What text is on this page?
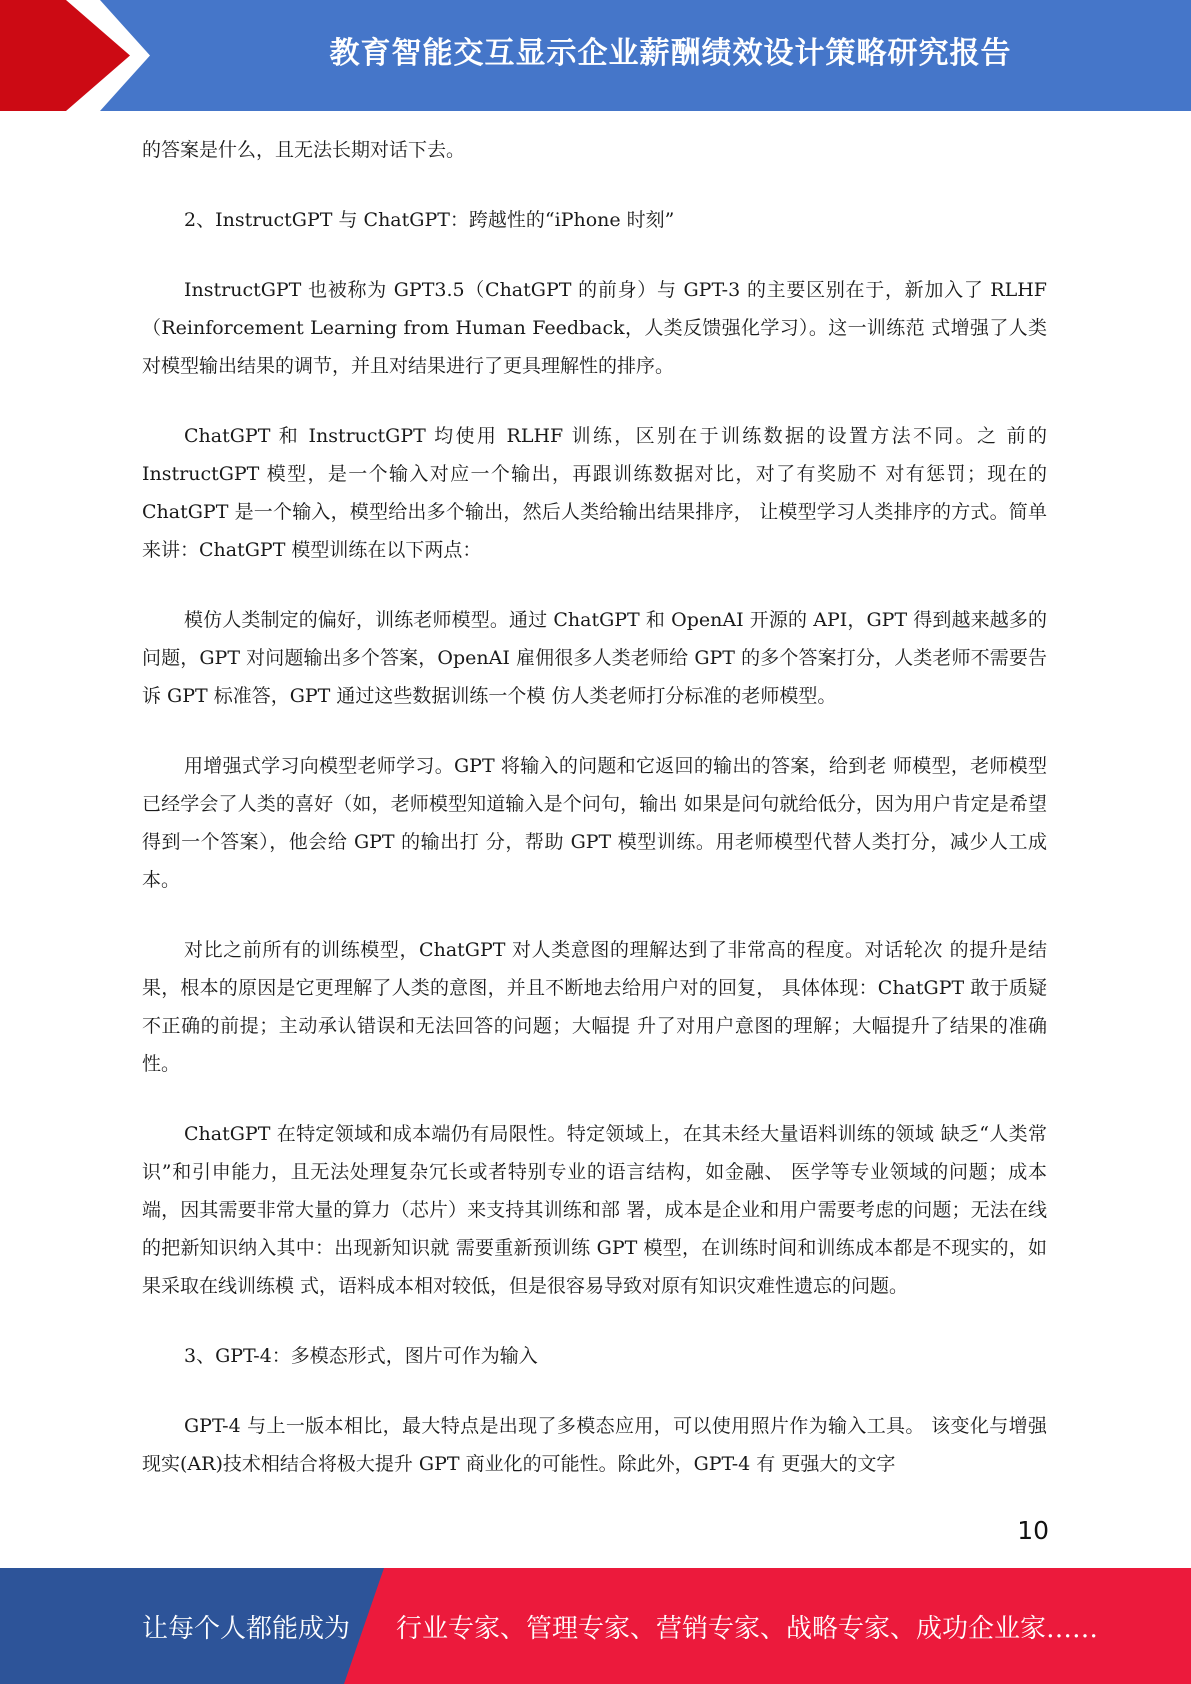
教育智能交互显示企业薪酬绩效设计策略研究报告

的答案是什么，且无法长期对话下去。

2、InstructGPT 与 ChatGPT：跨越性的“iPhone 时刻”

InstructGPT 也被称为 GPT3.5（ChatGPT 的前身）与 GPT-3 的主要区别在于，新加入了 RLHF（Reinforcement Learning from Human Feedback，人类反馈强化学习）。这一训练范 式增强了人类对模型输出结果的调节，并且对结果进行了更具理解性的排序。

ChatGPT 和 InstructGPT 均使用 RLHF 训练，区别在于训练数据的设置方法不同。之 前的 InstructGPT 模型，是一个输入对应一个输出，再跟训练数据对比，对了有奖励不 对有惩罚；现在的 ChatGPT 是一个输入，模型给出多个输出，然后人类给输出结果排序， 让模型学习人类排序的方式。简单来讲：ChatGPT 模型训练在以下两点：

模仿人类制定的偏好，训练老师模型。通过 ChatGPT 和 OpenAI 开源的 API，GPT 得到越来越多的问题，GPT 对问题输出多个答案，OpenAI 雇佣很多人类老师给 GPT 的多个答案打分，人类老师不需要告诉 GPT 标准答，GPT 通过这些数据训练一个模 仿人类老师打分标准的老师模型。

用增强式学习向模型老师学习。GPT 将输入的问题和它返回的输出的答案，给到老 师模型，老师模型已经学会了人类的喜好（如，老师模型知道输入是个问句，输出 如果是问句就给低分，因为用户肯定是希望得到一个答案），他会给 GPT 的输出打 分，帮助 GPT 模型训练。用老师模型代替人类打分，减少人工成本。

对比之前所有的训练模型，ChatGPT 对人类意图的理解达到了非常高的程度。对话轮次 的提升是结果，根本的原因是它更理解了人类的意图，并且不断地去给用户对的回复， 具体体现：ChatGPT 敢于质疑不正确的前提；主动承认错误和无法回答的问题；大幅提 升了对用户意图的理解；大幅提升了结果的准确性。

ChatGPT 在特定领域和成本端仍有局限性。特定领域上，在其未经大量语料训练的领域 缺乏“人类常识”和引申能力，且无法处理复杂冗长或者特别专业的语言结构，如金融、 医学等专业领域的问题；成本端，因其需要非常大量的算力（芯片）来支持其训练和部 署，成本是企业和用户需要考虑的问题；无法在线的把新知识纳入其中：出现新知识就 需要重新预训练 GPT 模型，在训练时间和训练成本都是不现实的，如果采取在线训练模 式，语料成本相对较低，但是很容易导致对原有知识灾难性遗忘的问题。

3、GPT-4：多模态形式，图片可作为输入

GPT-4 与上一版本相比，最大特点是出现了多模态应用，可以使用照片作为输入工具。 该变化与增强现实(AR)技术相结合将极大提升 GPT 商业化的可能性。除此外，GPT-4 有 更强大的文字

10
让每个人都能成为 行业专家、管理专家、营销专家、战略专家、成功企业家……
